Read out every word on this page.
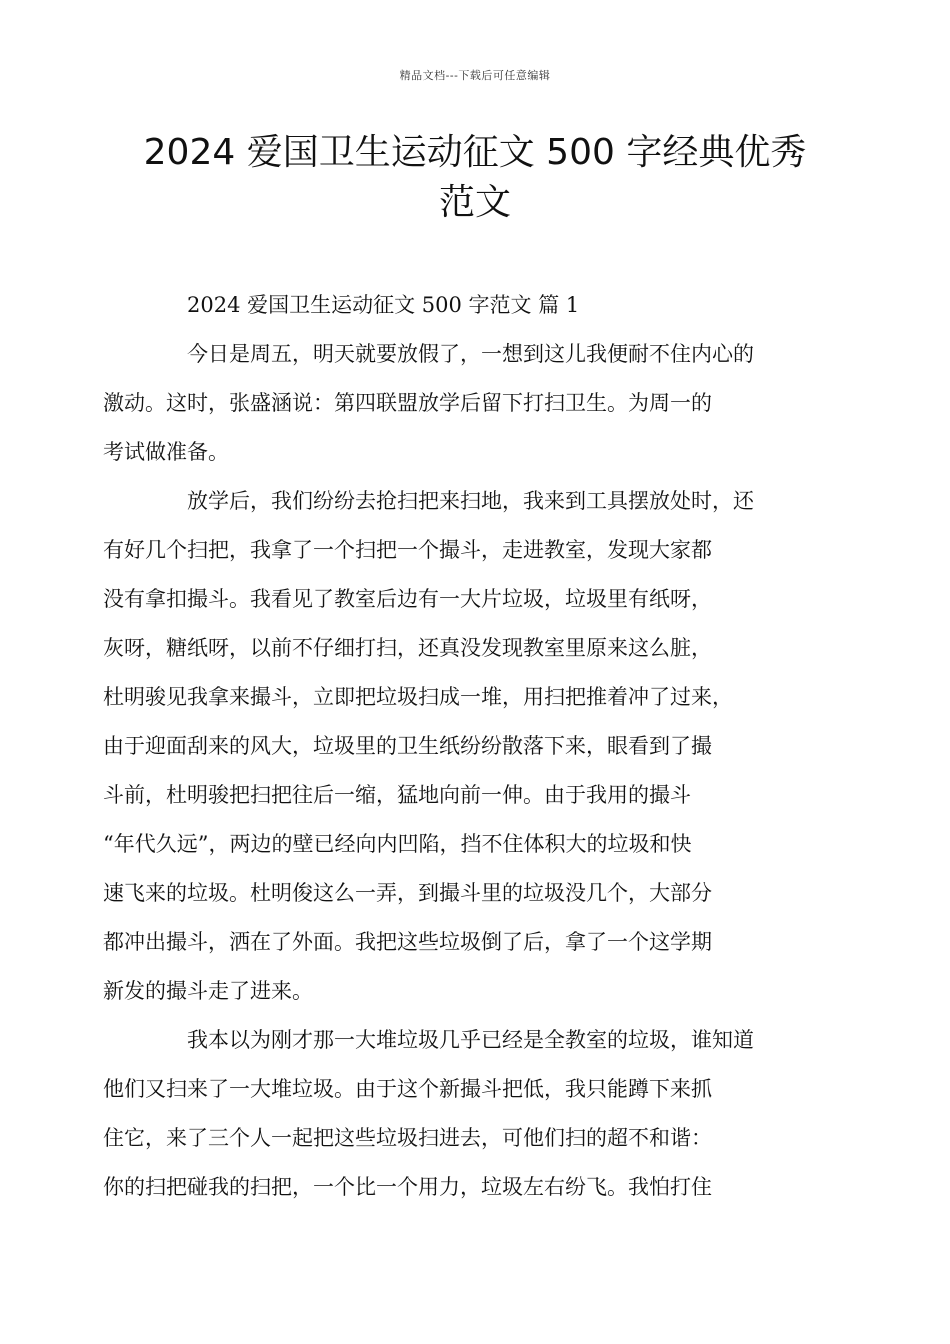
精品文档---下载后可任意编辑
2024 爱国卫生运动征文 500 字经典优秀
范文

2024 爱国卫生运动征文 500 字范文 篇 1

今日是周五，明天就要放假了，一想到这儿我便耐不住内心的
激动。这时，张盛涵说：第四联盟放学后留下打扫卫生。为周一的
考试做准备。

放学后，我们纷纷去抢扫把来扫地，我来到工具摆放处时，还
有好几个扫把，我拿了一个扫把一个撮斗，走进教室，发现大家都
没有拿扣撮斗。我看见了教室后边有一大片垃圾，垃圾里有纸呀，
灰呀，糖纸呀，以前不仔细打扫，还真没发现教室里原来这么脏，
杜明骏见我拿来撮斗，立即把垃圾扫成一堆，用扫把推着冲了过来，
由于迎面刮来的风大，垃圾里的卫生纸纷纷散落下来，眼看到了撮
斗前，杜明骏把扫把往后一缩，猛地向前一伸。由于我用的撮斗
“年代久远”，两边的壁已经向内凹陷，挡不住体积大的垃圾和快
速飞来的垃圾。杜明俊这么一弄，到撮斗里的垃圾没几个，大部分
都冲出撮斗，洒在了外面。我把这些垃圾倒了后，拿了一个这学期
新发的撮斗走了进来。

我本以为刚才那一大堆垃圾几乎已经是全教室的垃圾，谁知道
他们又扫来了一大堆垃圾。由于这个新撮斗把低，我只能蹲下来抓
住它，来了三个人一起把这些垃圾扫进去，可他们扫的超不和谐：
你的扫把碰我的扫把，一个比一个用力，垃圾左右纷飞。我怕打住
